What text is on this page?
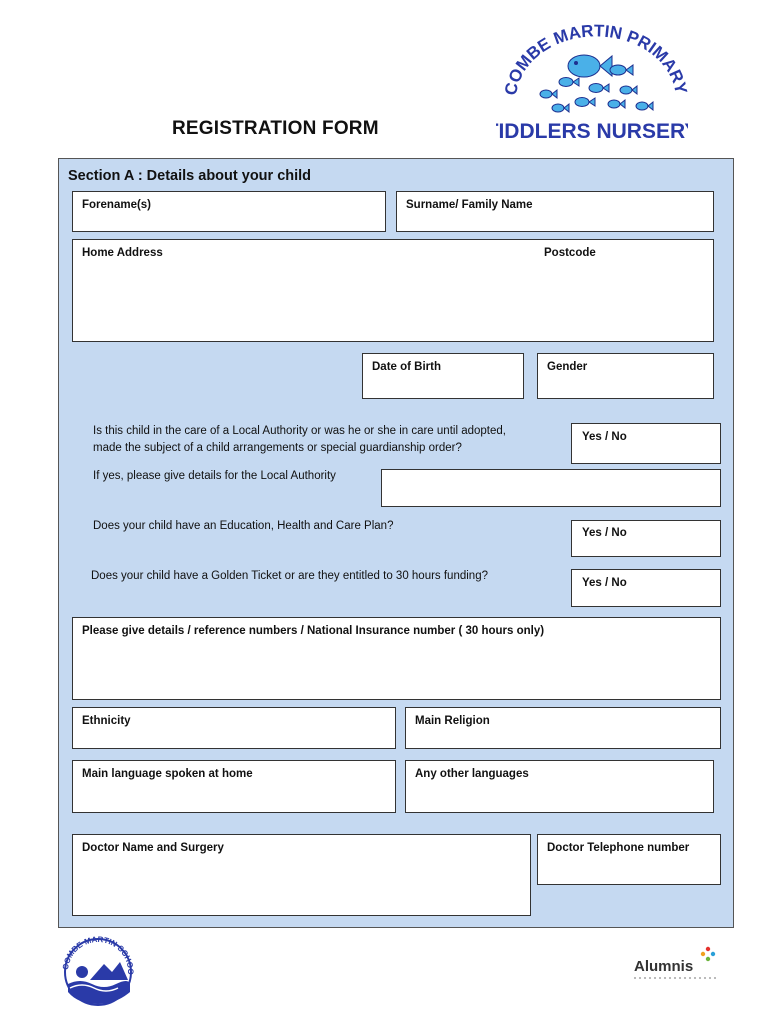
REGISTRATION FORM
COMBE MARTIN PRIMAR
TIDDLERS NURSERY
Section A : Details about your child
Forename(s)	Surname/ Family Name
Home Address	Postcode
Date of Birth	Gender
Is this child in the care of a Local Authority or was he or she in care until adopted,
made the subject of a child arrangements or special guardianship order?
Yes / No
If yes, please give details for the Local Authority
Does your child have an Education, Health and Care Plan?
Yes / No
Does your child have a Golden Ticket or are they entitled to 30 hours funding?
Yes / No
Please give details / reference numbers / National Insurance number ( 30 hours only)
Ethnicity	Main Religion
Main language spoken at home	Any other languages
Doctor Name and Surgery	Doctor Telephone number
COMBE MARTIN SCHOO	Alumnis
